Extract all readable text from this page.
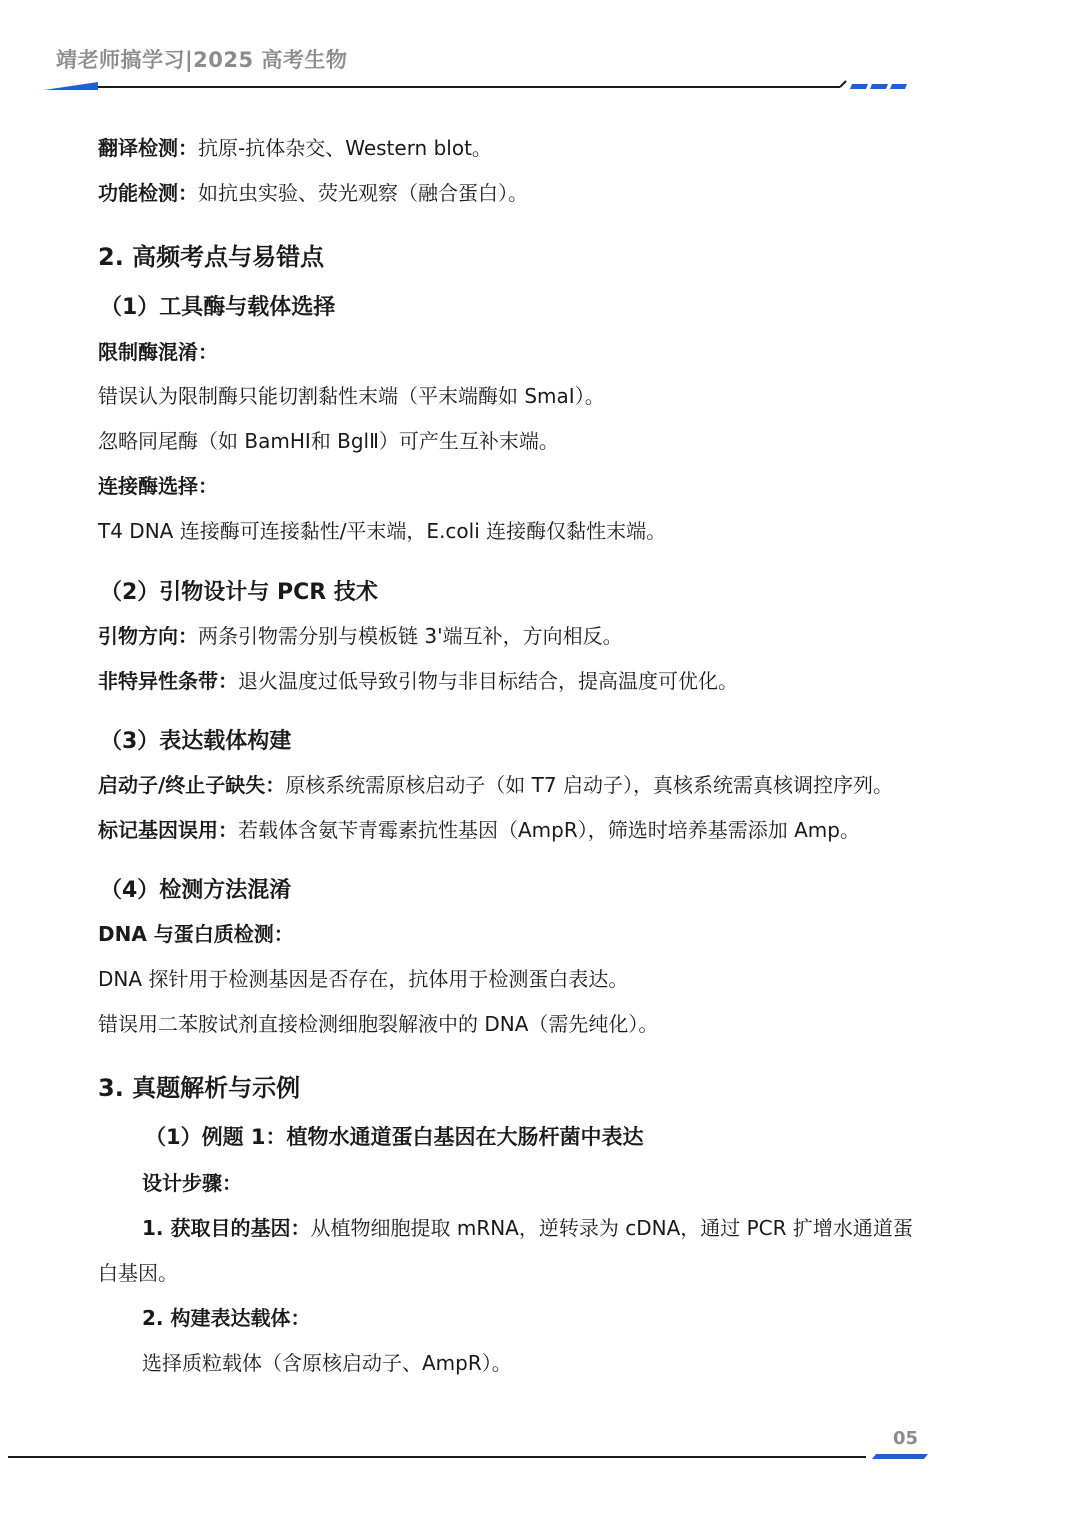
靖老师搞学习|2025 高考生物
翻译检测：抗原-抗体杂交、Western blot。
功能检测：如抗虫实验、荧光观察（融合蛋白）。
2. 高频考点与易错点
（1）工具酶与载体选择
限制酶混淆：
错误认为限制酶只能切割黏性末端（平末端酶如 SmaⅠ）。
忽略同尾酶（如 BamHⅠ和 BglⅡ）可产生互补末端。
连接酶选择：
T4 DNA 连接酶可连接黏性/平末端，E.coli 连接酶仅黏性末端。
（2）引物设计与 PCR 技术
引物方向：两条引物需分别与模板链 3'端互补，方向相反。
非特异性条带：退火温度过低导致引物与非目标结合，提高温度可优化。
（3）表达载体构建
启动子/终止子缺失：原核系统需原核启动子（如 T7 启动子），真核系统需真核调控序列。
标记基因误用：若载体含氨苄青霉素抗性基因（AmpR），筛选时培养基需添加 Amp。
（4）检测方法混淆
DNA 与蛋白质检测：
DNA 探针用于检测基因是否存在，抗体用于检测蛋白表达。
错误用二苯胺试剂直接检测细胞裂解液中的 DNA（需先纯化）。
3. 真题解析与示例
（1）例题 1：植物水通道蛋白基因在大肠杆菌中表达
设计步骤：
1. 获取目的基因：从植物细胞提取 mRNA，逆转录为 cDNA，通过 PCR 扩增水通道蛋
白基因。
2. 构建表达载体：
选择质粒载体（含原核启动子、AmpR）。
05
